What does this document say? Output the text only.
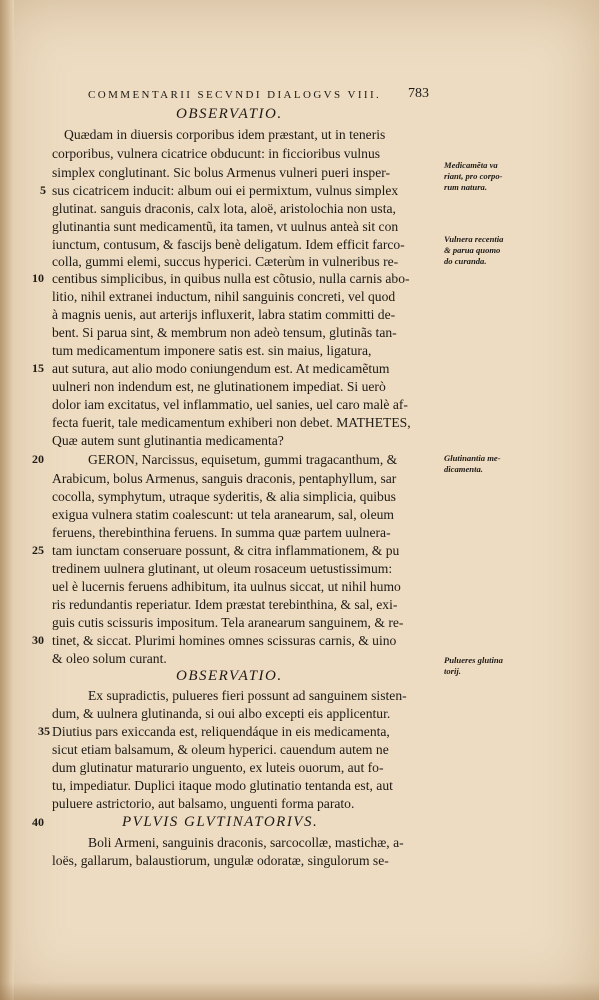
COMMENTARII SECVNDI DIALOGVS VIII. 783
OBSERVATIO.
Quædam in diuersis corporibus idem præstant, ut in teneris
corporibus, vulnera cicatrice obducunt: in ficcioribus vulnus
simplex conglutinant. Sic bolus Armenus vulneri pueri insper-
sus cicatricem inducit: album oui ei permixtum, vulnus simplex
glutinat. sanguis draconis, calx lota, aloë, aristolochia non usta,
glutinantia sunt medicamentũ, ita tamen, vt uulnus anteà sit con
iunctum, contusum, & fascijs benè deligatum. Idem efficit farco-
colla, gummi elemi, succus hyperici. Cæterùm in vulneribus re-
centibus simplicibus, in quibus nulla est cõtusio, nulla carnis abo-
litio, nihil extranei inductum, nihil sanguinis concreti, vel quod
à magnis uenis, aut arterijs influxerit, labra statim committi de-
bent. Si parua sint, & membrum non adeò tensum, glutinãs tan-
tum medicamentum imponere satis est. sin maius, ligatura,
aut sutura, aut alio modo coniungendum est. At medicamẽtum
uulneri non indendum est, ne glutinationem impediat. Si uerò
dolor iam excitatus, vel inflammatio, uel sanies, uel caro malè af-
fecta fuerit, tale medicamentum exhiberi non debet. MATHETES,
Quæ autem sunt glutinantia medicamenta?
GERON, Narcissus, equisetum, gummi tragacanthum, &
Arabicum, bolus Armenus, sanguis draconis, pentaphyllum, sar
cocolla, symphytum, utraque syderitis, & alia simplicia, quibus
exigua vulnera statim coalescunt: ut tela aranearum, sal, oleum
feruens, therebinthina feruens. In summa quæ partem uulnera-
tam iunctam conseruare possunt, & citra inflammationem, & pu
tredinem uulnera glutinant, ut oleum rosaceum uetustissimum:
uel è lucernis feruens adhibitum, ita uulnus siccat, ut nihil humo
ris redundantis reperiatur. Idem præstat terebinthina, & sal, exi-
guis cutis scissuris impositum. Tela aranearum sanguinem, & re-
tinet, & siccat. Plurimi homines omnes scissuras carnis, & uino
& oleo solum curant.
OBSERVATIO.
Ex supradictis, pulueres fieri possunt ad sanguinem sisten-
dum, & uulnera glutinanda, si oui albo excepti eis applicentur.
Diutius pars exiccanda est, reliquendáque in eis medicamenta,
sicut etiam balsamum, & oleum hyperici. cauendum autem ne
dum glutinatur maturario unguento, ex luteis ouorum, aut fo-
tu, impediatur. Duplici itaque modo glutinatio tentanda est, aut
puluere astrictorio, aut balsamo, unguenti forma parato.
PVLVIS GLVTINATORIVS.
Boli Armeni, sanguinis draconis, sarcocollæ, mastichæ, a-
loës, gallarum, balaustiorum, ungulæ odoratæ, singulorum se-
5
10
15
20
25
30
35
40
Medicamẽta va
riant, pro corpo-
rum natura.
Vulnera recentia
& parua quomo
do curanda.
Glutinantia me-
dicamenta.
Pulueres glutina
torij.
